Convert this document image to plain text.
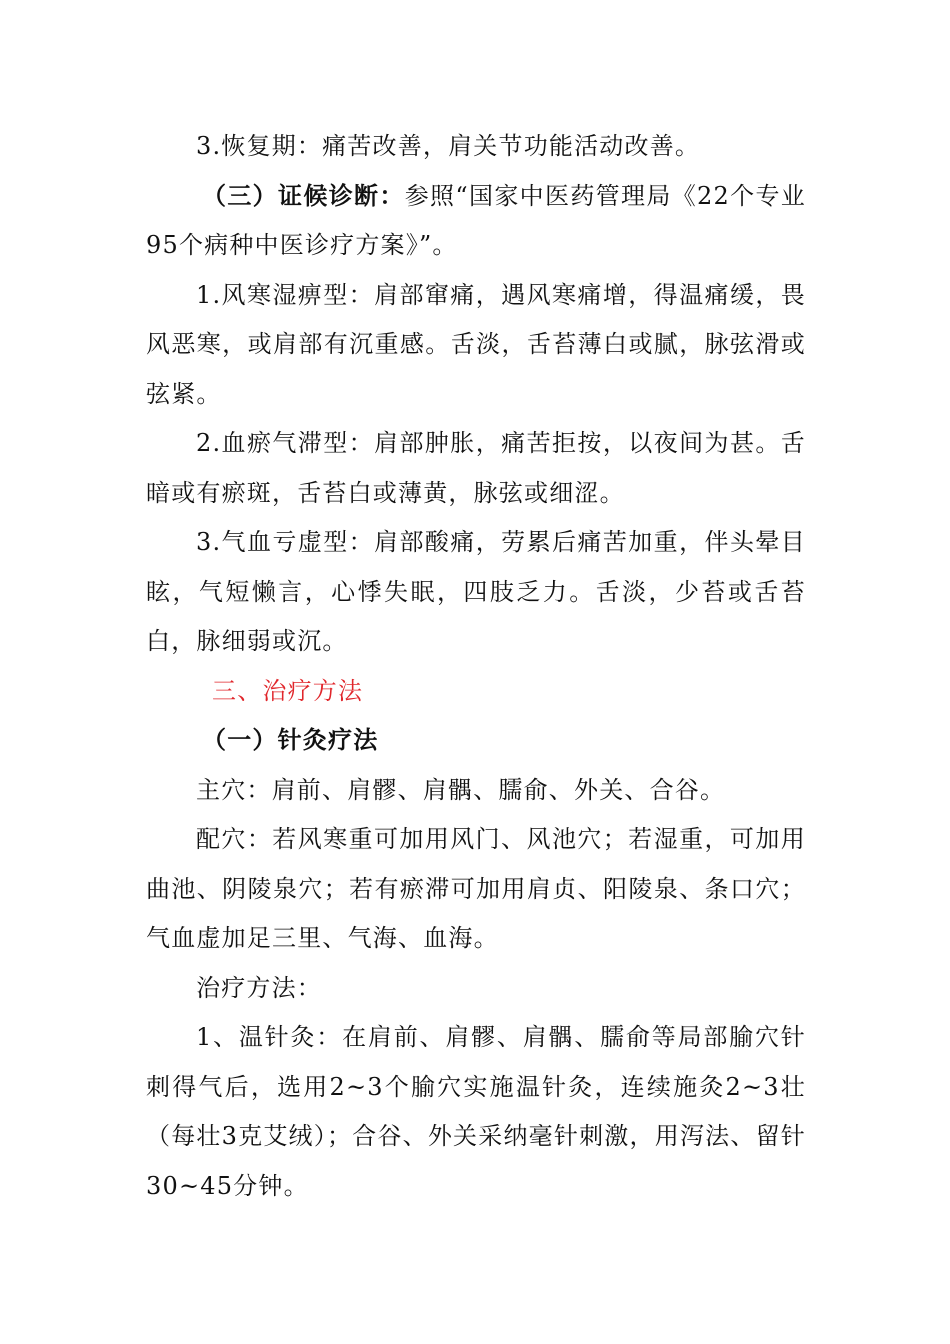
3.恢复期：痛苦改善，肩关节功能活动改善。

（三）证候诊断：参照“国家中医药管理局《22个专业95个病种中医诊疗方案》”。

1.风寒湿痹型：肩部窜痛，遇风寒痛增，得温痛缓，畏风恶寒，或肩部有沉重感。舌淡，舌苔薄白或腻，脉弦滑或弦紧。

2.血瘀气滞型：肩部肿胀，痛苦拒按，以夜间为甚。舌暗或有瘀斑，舌苔白或薄黄，脉弦或细涩。

3.气血亏虚型：肩部酸痛，劳累后痛苦加重，伴头晕目眩，气短懒言，心悸失眠，四肢乏力。舌淡，少苔或舌苔白，脉细弱或沉。

三、治疗方法

（一）针灸疗法

主穴：肩前、肩髎、肩髃、臑俞、外关、合谷。

配穴：若风寒重可加用风门、风池穴；若湿重，可加用曲池、阴陵泉穴；若有瘀滞可加用肩贞、阳陵泉、条口穴；气血虚加足三里、气海、血海。

治疗方法：

1、温针灸：在肩前、肩髎、肩髃、臑俞等局部腧穴针刺得气后，选用2~3个腧穴实施温针灸，连续施灸2~3壮（每壮3克艾绒）；合谷、外关采纳毫针刺激，用泻法、留针30~45分钟。
